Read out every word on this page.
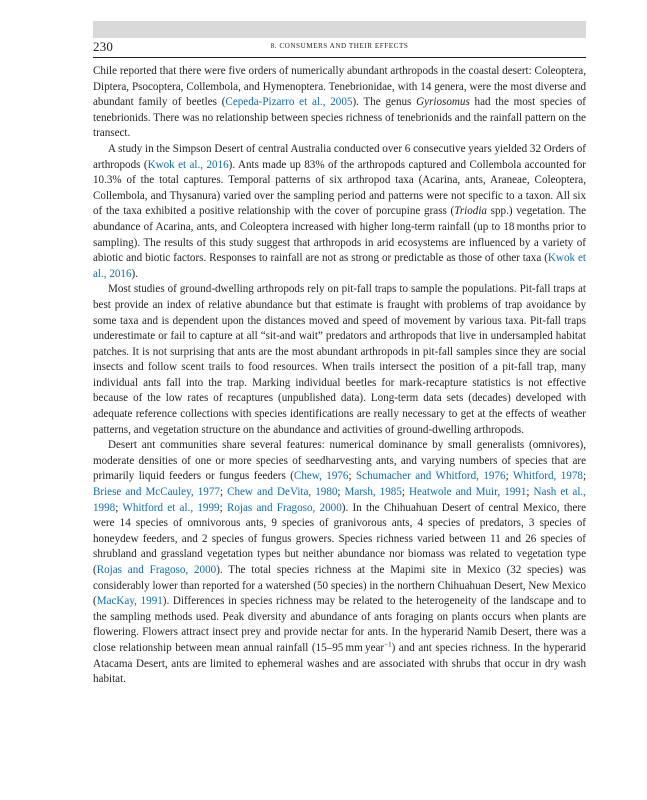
230	8. CONSUMERS AND THEIR EFFECTS

Chile reported that there were five orders of numerically abundant arthropods in the coastal desert: Coleoptera, Diptera, Psocoptera, Collembola, and Hymenoptera. Tenebrionidae, with 14 genera, were the most diverse and abundant family of beetles (Cepeda-Pizarro et al., 2005). The genus Gyriosomus had the most species of tenebrionids. There was no relationship between species richness of tenebrionids and the rainfall pattern on the transect.

A study in the Simpson Desert of central Australia conducted over 6 consecutive years yielded 32 Orders of arthropods (Kwok et al., 2016). Ants made up 83% of the arthropods captured and Collembola accounted for 10.3% of the total captures. Temporal patterns of six arthropod taxa (Acarina, ants, Araneae, Coleoptera, Collembola, and Thysanura) varied over the sampling period and patterns were not specific to a taxon. All six of the taxa exhibited a positive relationship with the cover of porcupine grass (Triodia spp.) vegetation. The abundance of Acarina, ants, and Coleoptera increased with higher long-term rainfall (up to 18 months prior to sampling). The results of this study suggest that arthropods in arid ecosystems are influenced by a variety of abiotic and biotic factors. Responses to rainfall are not as strong or predictable as those of other taxa (Kwok et al., 2016).

Most studies of ground-dwelling arthropods rely on pit-fall traps to sample the populations. Pit-fall traps at best provide an index of relative abundance but that estimate is fraught with problems of trap avoidance by some taxa and is dependent upon the distances moved and speed of movement by various taxa. Pit-fall traps underestimate or fail to capture at all “sit-and wait” predators and arthropods that live in undersampled habitat patches. It is not surprising that ants are the most abundant arthropods in pit-fall samples since they are social insects and follow scent trails to food resources. When trails intersect the position of a pit-fall trap, many individual ants fall into the trap. Marking individual beetles for mark-recapture statistics is not effective because of the low rates of recaptures (unpublished data). Long-term data sets (decades) developed with adequate reference collections with species identifications are really necessary to get at the effects of weather patterns, and vegetation structure on the abundance and activities of ground-dwelling arthropods.

Desert ant communities share several features: numerical dominance by small generalists (omnivores), moderate densities of one or more species of seedharvesting ants, and varying numbers of species that are primarily liquid feeders or fungus feeders (Chew, 1976; Schumacher and Whitford, 1976; Whitford, 1978; Briese and McCauley, 1977; Chew and DeVita, 1980; Marsh, 1985; Heatwole and Muir, 1991; Nash et al., 1998; Whitford et al., 1999; Rojas and Fragoso, 2000). In the Chihuahuan Desert of central Mexico, there were 14 species of omnivorous ants, 9 species of granivorous ants, 4 species of predators, 3 species of honeydew feeders, and 2 species of fungus growers. Species richness varied between 11 and 26 species of shrubland and grassland vegetation types but neither abundance nor biomass was related to vegetation type (Rojas and Fragoso, 2000). The total species richness at the Mapimi site in Mexico (32 species) was considerably lower than reported for a watershed (50 species) in the northern Chihuahuan Desert, New Mexico (MacKay, 1991). Differences in species richness may be related to the heterogeneity of the landscape and to the sampling methods used. Peak diversity and abundance of ants foraging on plants occurs when plants are flowering. Flowers attract insect prey and provide nectar for ants. In the hyperarid Namib Desert, there was a close relationship between mean annual rainfall (15–95 mm year$^{-1}$) and ant species richness. In the hyperarid Atacama Desert, ants are limited to ephemeral washes and are associated with shrubs that occur in dry wash habitat.
